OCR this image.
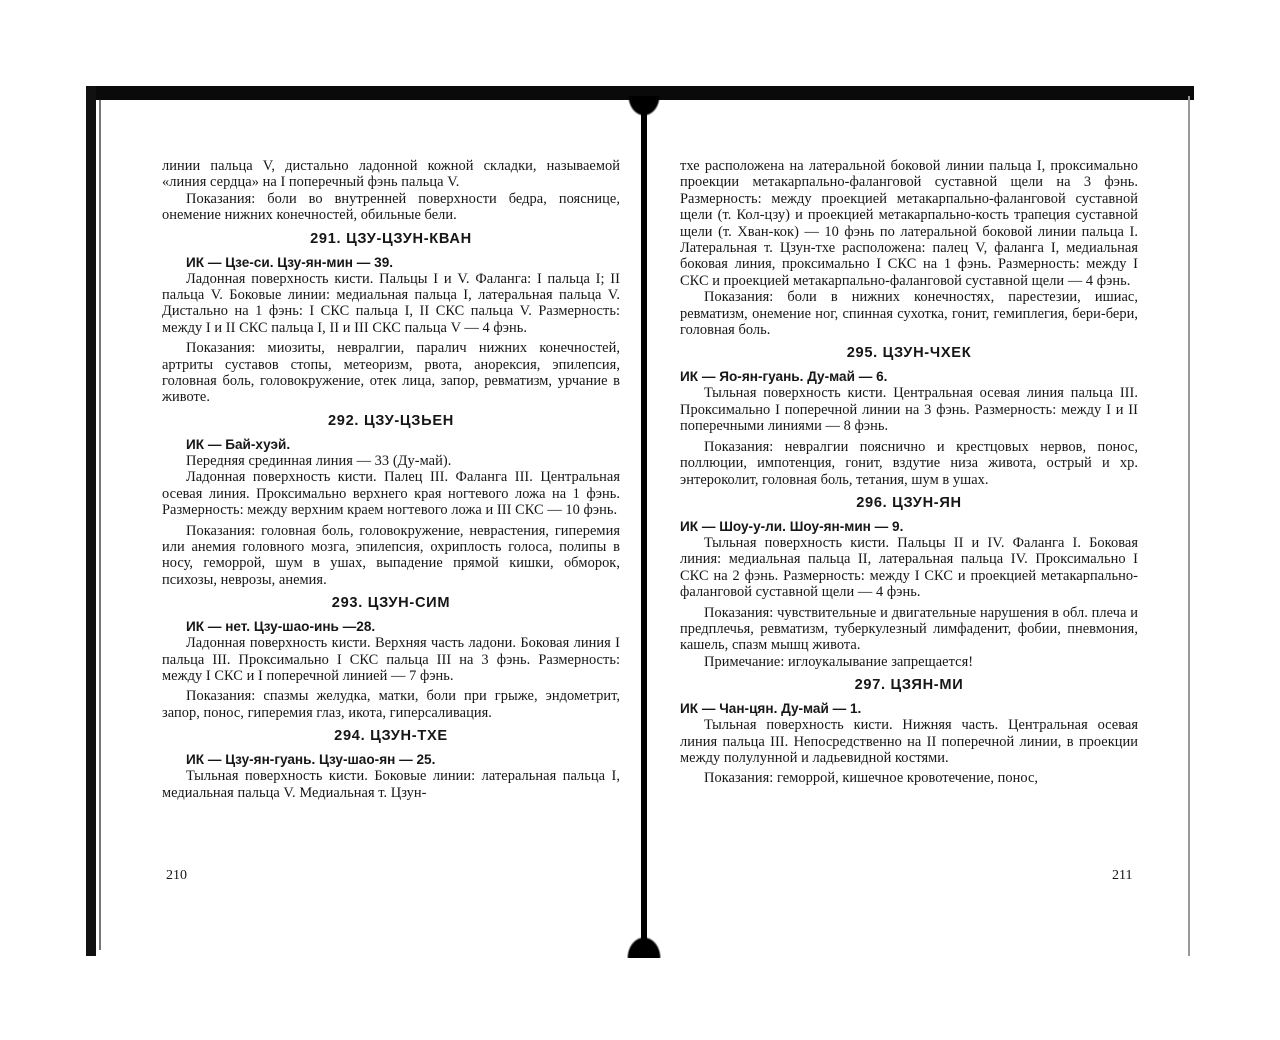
линии пальца V, дистально ладонной кожной складки, называемой «линия сердца» на I поперечный фэнь пальца V.

Показания: боли во внутренней поверхности бедра, пояснице, онемение нижних конечностей, обильные бели.

291. ЦЗУ-ЦЗУН-КВАН
ИК — Цзе-си. Цзу-ян-мин — 39.

Ладонная поверхность кисти. Пальцы I и V. Фаланга: I пальца I; II пальца V. Боковые линии: медиальная пальца I, латеральная пальца V. Дистально на 1 фэнь: I СКС пальца I, II СКС пальца V. Размерность: между I и II СКС пальца I, II и III СКС пальца V — 4 фэнь.

Показания: миозиты, невралгии, паралич нижних конечностей, артриты суставов стопы, метеоризм, рвота, анорексия, эпилепсия, головная боль, головокружение, отек лица, запор, ревматизм, урчание в животе.

292. ЦЗУ-ЦЗЬЕН
ИК — Бай-хуэй.

Передняя срединная линия — 33 (Ду-май).

Ладонная поверхность кисти. Палец III. Фаланга III. Центральная осевая линия. Проксимально верхнего края ногтевого ложа на 1 фэнь. Размерность: между верхним краем ногтевого ложа и III СКС — 10 фэнь.

Показания: головная боль, головокружение, неврастения, гиперемия или анемия головного мозга, эпилепсия, охриплость голоса, полипы в носу, геморрой, шум в ушах, выпадение прямой кишки, обморок, психозы, неврозы, анемия.

293. ЦЗУН-СИМ
ИК — нет. Цзу-шао-инь —28.

Ладонная поверхность кисти. Верхняя часть ладони. Боковая линия I пальца III. Проксимально I СКС пальца III на 3 фэнь. Размерность: между I СКС и I поперечной линией — 7 фэнь.

Показания: спазмы желудка, матки, боли при грыже, эндометрит, запор, понос, гиперемия глаз, икота, гиперсаливация.

294. ЦЗУН-ТХЕ
ИК — Цзу-ян-гуань. Цзу-шао-ян — 25.

Тыльная поверхность кисти. Боковые линии: латеральная пальца I, медиальная пальца V. Медиальная т. Цзун-

210

тхе расположена на латеральной боковой линии пальца I, проксимально проекции метакарпально-фаланговой суставной щели на 3 фэнь. Размерность: между проекцией метакарпально-фаланговой суставной щели (т. Кол-цзу) и проекцией метакарпально-кость трапеция суставной щели (т. Хван-кок) — 10 фэнь по латеральной боковой линии пальца I. Латеральная т. Цзун-тхе расположена: палец V, фаланга I, медиальная боковая линия, проксимально I СКС на 1 фэнь. Размерность: между I СКС и проекцией метакарпально-фаланговой суставной щели — 4 фэнь.

Показания: боли в нижних конечностях, парестезии, ишиас, ревматизм, онемение ног, спинная сухотка, гонит, гемиплегия, бери-бери, головная боль.

295. ЦЗУН-ЧХЕК
ИК — Яо-ян-гуань. Ду-май — 6.

Тыльная поверхность кисти. Центральная осевая линия пальца III. Проксимально I поперечной линии на 3 фэнь. Размерность: между I и II поперечными линиями — 8 фэнь.

Показания: невралгии пояснично и крестцовых нервов, понос, поллюции, импотенция, гонит, вздутие низа живота, острый и хр. энтероколит, головная боль, тетания, шум в ушах.

296. ЦЗУН-ЯН
ИК — Шоу-у-ли. Шоу-ян-мин — 9.

Тыльная поверхность кисти. Пальцы II и IV. Фаланга I. Боковая линия: медиальная пальца II, латеральная пальца IV. Проксимально I СКС на 2 фэнь. Размерность: между I СКС и проекцией метакарпально-фаланговой суставной щели — 4 фэнь.

Показания: чувствительные и двигательные нарушения в обл. плеча и предплечья, ревматизм, туберкулезный лимфаденит, фобии, пневмония, кашель, спазм мышц живота.

Примечание: иглоукалывание запрещается!

297. ЦЗЯН-МИ
ИК — Чан-цян. Ду-май — 1.

Тыльная поверхность кисти. Нижняя часть. Центральная осевая линия пальца III. Непосредственно на II поперечной линии, в проекции между полулунной и ладьевидной костями.

Показания: геморрой, кишечное кровотечение, понос,

211
